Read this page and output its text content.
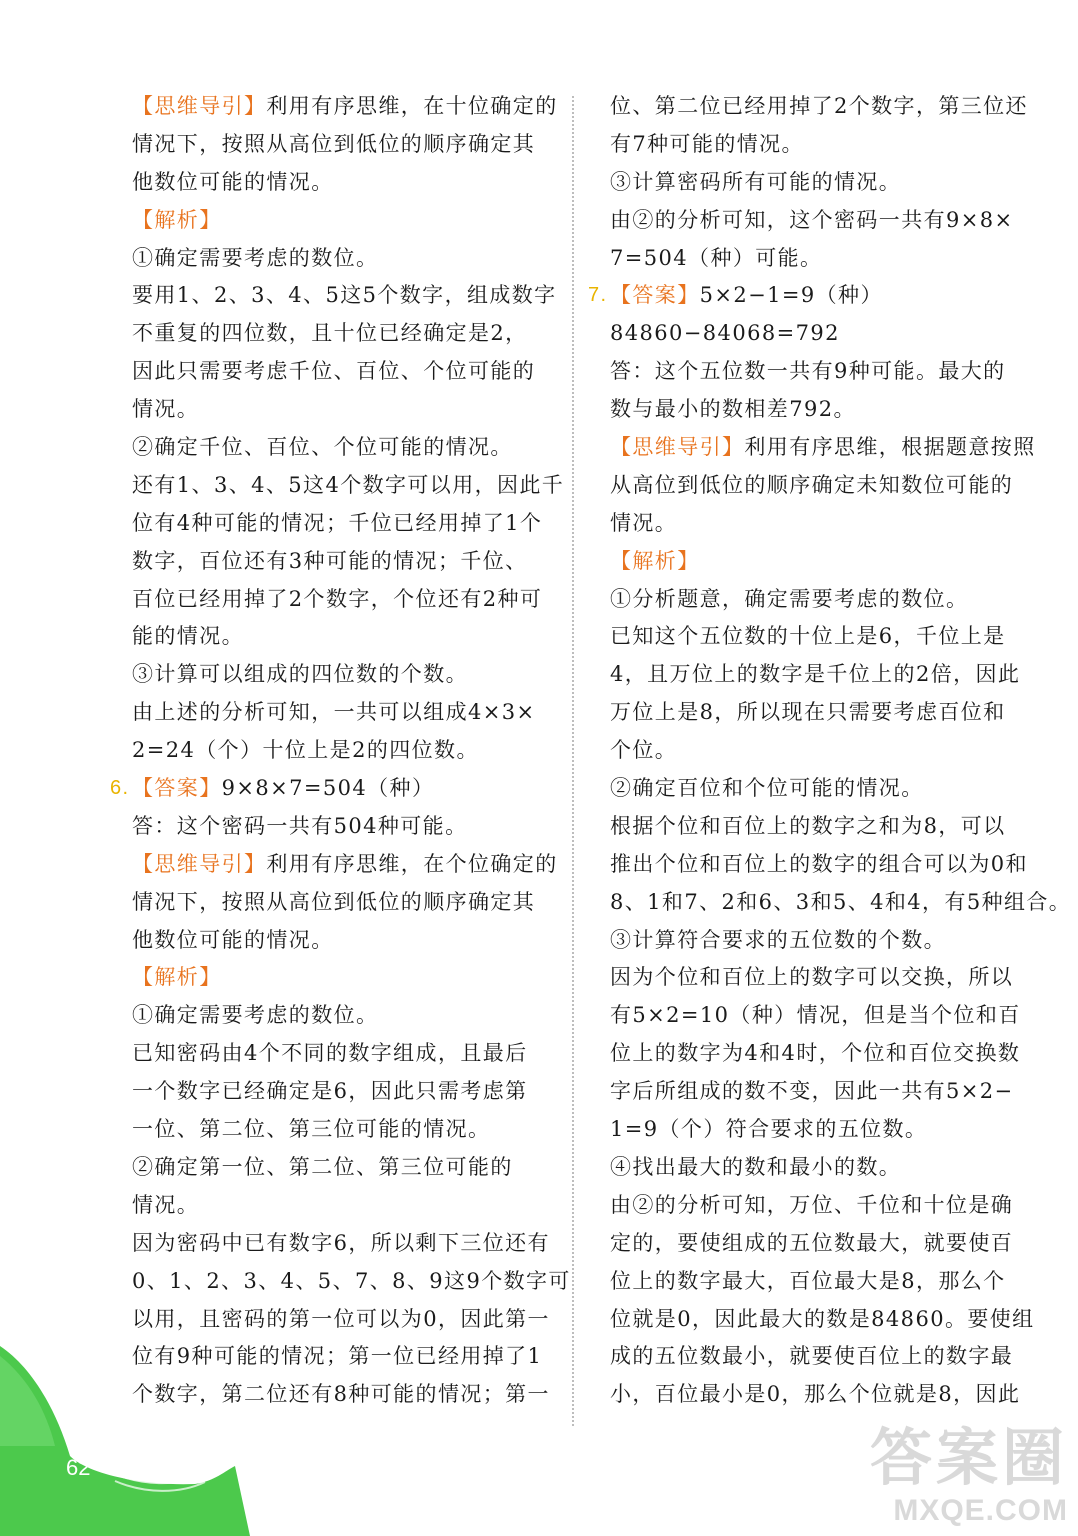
【思维导引】利用有序思维，在十位确定的
情况下，按照从高位到低位的顺序确定其
他数位可能的情况。
【解析】
①确定需要考虑的数位。
要用1、2、3、4、5这5个数字，组成数字
不重复的四位数，且十位已经确定是2，
因此只需要考虑千位、百位、个位可能的
情况。
②确定千位、百位、个位可能的情况。
还有1、3、4、5这4个数字可以用，因此千
位有4种可能的情况；千位已经用掉了1个
数字，百位还有3种可能的情况；千位、
百位已经用掉了2个数字，个位还有2种可
能的情况。
③计算可以组成的四位数的个数。
由上述的分析可知，一共可以组成4×3×
2=24（个）十位上是2的四位数。
6. 【答案】9×8×7=504（种）
答：这个密码一共有504种可能。
【思维导引】利用有序思维，在个位确定的
情况下，按照从高位到低位的顺序确定其
他数位可能的情况。
【解析】
①确定需要考虑的数位。
已知密码由4个不同的数字组成，且最后
一个数字已经确定是6，因此只需考虑第
一位、第二位、第三位可能的情况。
②确定第一位、第二位、第三位可能的
情况。
因为密码中已有数字6，所以剩下三位还有
0、1、2、3、4、5、7、8、9这9个数字可
以用，且密码的第一位可以为0，因此第一
位有9种可能的情况；第一位已经用掉了1
个数字，第二位还有8种可能的情况；第一
位、第二位已经用掉了2个数字，第三位还
有7种可能的情况。
③计算密码所有可能的情况。
由②的分析可知，这个密码一共有9×8×
7=504（种）可能。
7. 【答案】5×2−1=9（种）
84860−84068=792
答：这个五位数一共有9种可能。最大的
数与最小的数相差792。
【思维导引】利用有序思维，根据题意按照
从高位到低位的顺序确定未知数位可能的
情况。
【解析】
①分析题意，确定需要考虑的数位。
已知这个五位数的十位上是6，千位上是
4，且万位上的数字是千位上的2倍，因此
万位上是8，所以现在只需要考虑百位和
个位。
②确定百位和个位可能的情况。
根据个位和百位上的数字之和为8，可以
推出个位和百位上的数字的组合可以为0和
8、1和7、2和6、3和5、4和4，有5种组合。
③计算符合要求的五位数的个数。
因为个位和百位上的数字可以交换，所以
有5×2=10（种）情况，但是当个位和百
位上的数字为4和4时，个位和百位交换数
字后所组成的数不变，因此一共有5×2−
1=9（个）符合要求的五位数。
④找出最大的数和最小的数。
由②的分析可知，万位、千位和十位是确
定的，要使组成的五位数最大，就要使百
位上的数字最大，百位最大是8，那么个
位就是0，因此最大的数是84860。要使组
成的五位数最小，就要使百位上的数字最
小，百位最小是0，那么个位就是8，因此
62	答案圈
MXQE.COM
